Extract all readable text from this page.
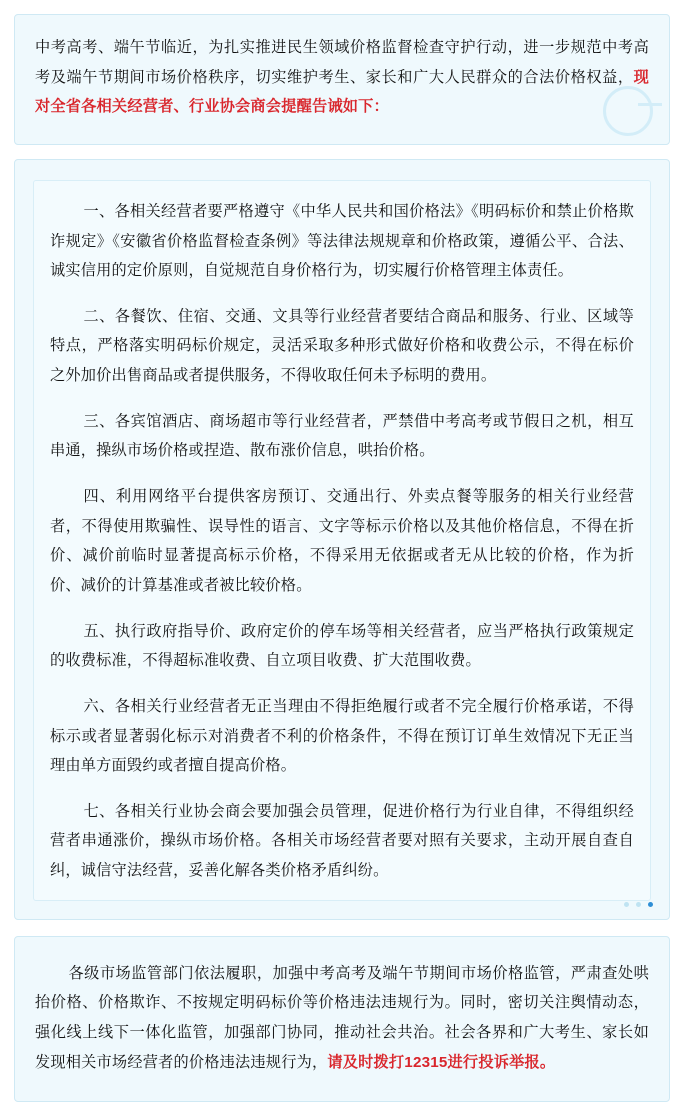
中考高考、端午节临近，为扎实推进民生领域价格监督检查守护行动，进一步规范中考高考及端午节期间市场价格秩序，切实维护考生、家长和广大人民群众的合法价格权益，现对全省各相关经营者、行业协会商会提醒告诫如下：

一、各相关经营者要严格遵守《中华人民共和国价格法》《明码标价和禁止价格欺诈规定》《安徽省价格监督检查条例》等法律法规规章和价格政策，遵循公平、合法、诚实信用的定价原则，自觉规范自身价格行为，切实履行价格管理主体责任。

二、各餐饮、住宿、交通、文具等行业经营者要结合商品和服务、行业、区域等特点，严格落实明码标价规定，灵活采取多种形式做好价格和收费公示，不得在标价之外加价出售商品或者提供服务，不得收取任何未予标明的费用。

三、各宾馆酒店、商场超市等行业经营者，严禁借中考高考或节假日之机，相互串通，操纵市场价格或捏造、散布涨价信息，哄抬价格。

四、利用网络平台提供客房预订、交通出行、外卖点餐等服务的相关行业经营者，不得使用欺骗性、误导性的语言、文字等标示价格以及其他价格信息，不得在折价、减价前临时显著提高标示价格，不得采用无依据或者无从比较的价格，作为折价、减价的计算基准或者被比较价格。

五、执行政府指导价、政府定价的停车场等相关经营者，应当严格执行政策规定的收费标准，不得超标准收费、自立项目收费、扩大范围收费。

六、各相关行业经营者无正当理由不得拒绝履行或者不完全履行价格承诺，不得标示或者显著弱化标示对消费者不利的价格条件，不得在预订订单生效情况下无正当理由单方面毁约或者擅自提高价格。

七、各相关行业协会商会要加强会员管理，促进价格行为行业自律，不得组织经营者串通涨价，操纵市场价格。各相关市场经营者要对照有关要求，主动开展自查自纠，诚信守法经营，妥善化解各类价格矛盾纠纷。

各级市场监管部门依法履职，加强中考高考及端午节期间市场价格监管，严肃查处哄抬价格、价格欺诈、不按规定明码标价等价格违法违规行为。同时，密切关注舆情动态，强化线上线下一体化监管，加强部门协同，推动社会共治。社会各界和广大考生、家长如发现相关市场经营者的价格违法违规行为，请及时拨打12315进行投诉举报。
